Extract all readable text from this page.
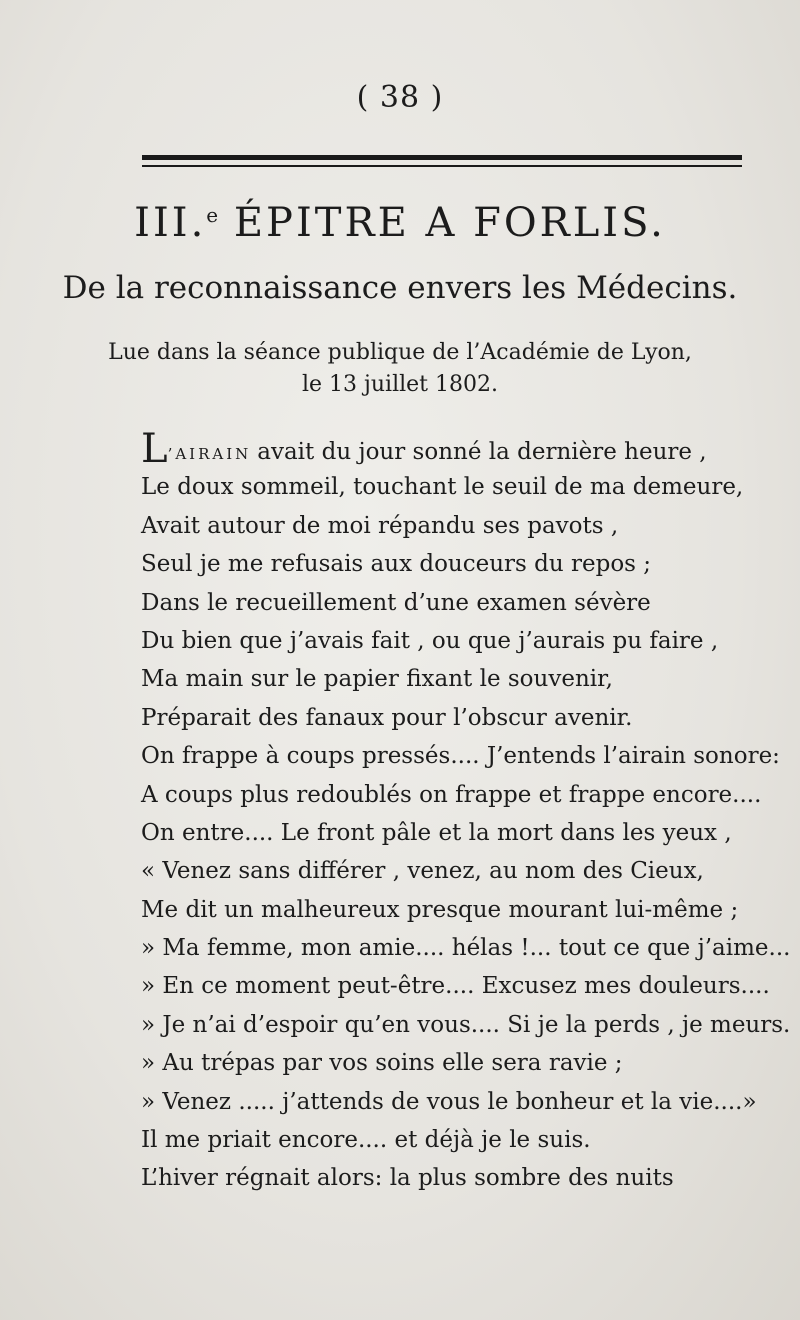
( 38 )
III.$^e$ ÉPITRE A FORLIS.
De la reconnaissance envers les Médecins.
Lue dans la séance publique de l’Académie de Lyon,
le 13 juillet 1802.
L’AIRAIN avait du jour sonné la dernière heure ,
Le doux sommeil, touchant le seuil de ma demeure,
Avait autour de moi répandu ses pavots ,
Seul je me refusais aux douceurs du repos ;
Dans le recueillement d’une examen sévère
Du bien que j’avais fait , ou que j’aurais pu faire ,
Ma main sur le papier fixant le souvenir,
Préparait des fanaux pour l’obscur avenir.
On frappe à coups pressés.... J’entends l’airain sonore:
A coups plus redoublés on frappe et frappe encore....
On entre.... Le front pâle et la mort dans les yeux ,
« Venez sans différer , venez, au nom des Cieux,
Me dit un malheureux presque mourant lui-même ;
» Ma femme, mon amie.... hélas !... tout ce que j’aime...
» En ce moment peut-être.... Excusez mes douleurs....
» Je n’ai d’espoir qu’en vous.... Si je la perds , je meurs.
» Au trépas par vos soins elle sera ravie ;
» Venez ..... j’attends de vous le bonheur et la vie....»
Il me priait encore.... et déjà je le suis.
L’hiver régnait alors: la plus sombre des nuits
